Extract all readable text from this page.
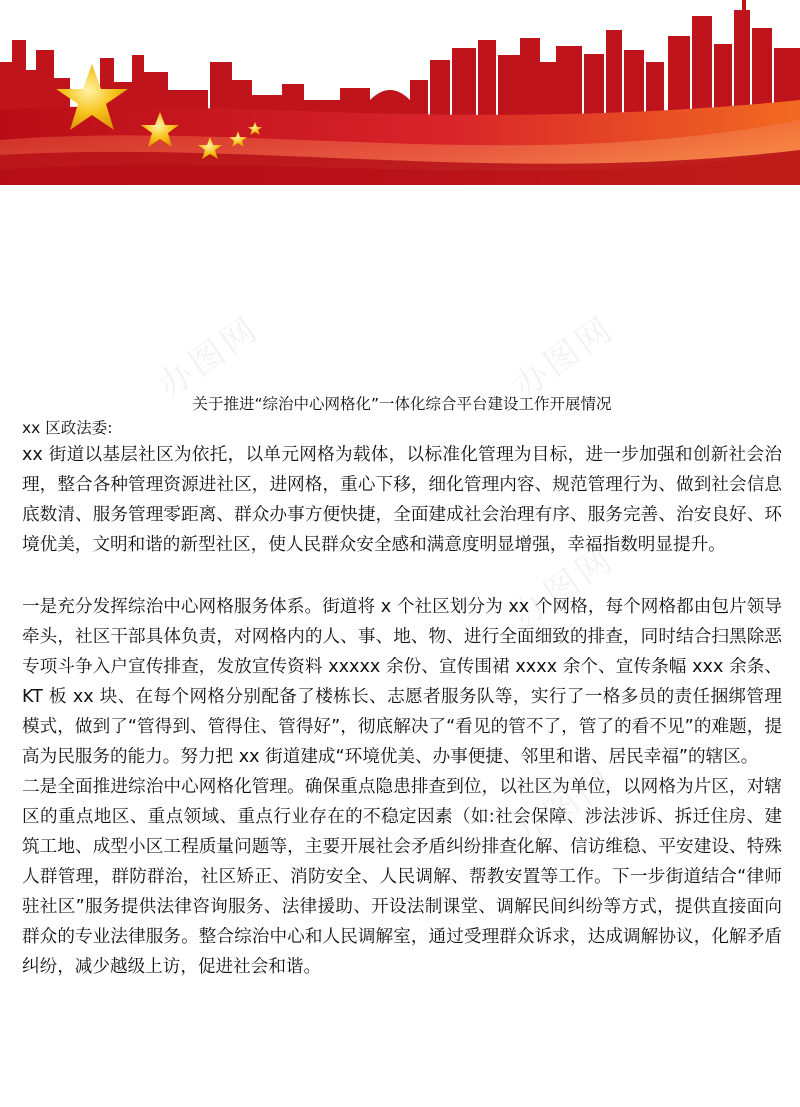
办图网	办图网
办图网
办图网

关于推进“综治中心网格化”一体化综合平台建设工作开展情况

xx 区政法委:

xx 街道以基层社区为依托，以单元网格为载体，以标准化管理为目标，进一步加强和创新社会治理，整合各种管理资源进社区，进网格，重心下移，细化管理内容、规范管理行为、做到社会信息底数清、服务管理零距离、群众办事方便快捷，全面建成社会治理有序、服务完善、治安良好、环境优美，文明和谐的新型社区，使人民群众安全感和满意度明显增强，幸福指数明显提升。

一是充分发挥综治中心网格服务体系。街道将 x 个社区划分为 xx 个网格，每个网格都由包片领导牵头，社区干部具体负责，对网格内的人、事、地、物、进行全面细致的排查，同时结合扫黑除恶专项斗争入户宣传排查，发放宣传资料 xxxxx 余份、宣传围裙 xxxx 余个、宣传条幅 xxx 余条、KT 板 xx 块、在每个网格分别配备了楼栋长、志愿者服务队等，实行了一格多员的责任捆绑管理模式，做到了“管得到、管得住、管得好”，彻底解决了“看见的管不了，管了的看不见”的难题，提高为民服务的能力。努力把 xx 街道建成“环境优美、办事便捷、邻里和谐、居民幸福”的辖区。

二是全面推进综治中心网格化管理。确保重点隐患排查到位，以社区为单位，以网格为片区，对辖区的重点地区、重点领域、重点行业存在的不稳定因素（如:社会保障、涉法涉诉、拆迁住房、建筑工地、成型小区工程质量问题等，主要开展社会矛盾纠纷排查化解、信访维稳、平安建设、特殊人群管理，群防群治，社区矫正、消防安全、人民调解、帮教安置等工作。下一步街道结合“律师驻社区”服务提供法律咨询服务、法律援助、开设法制课堂、调解民间纠纷等方式，提供直接面向群众的专业法律服务。整合综治中心和人民调解室，通过受理群众诉求，达成调解协议，化解矛盾纠纷，减少越级上访，促进社会和谐。
